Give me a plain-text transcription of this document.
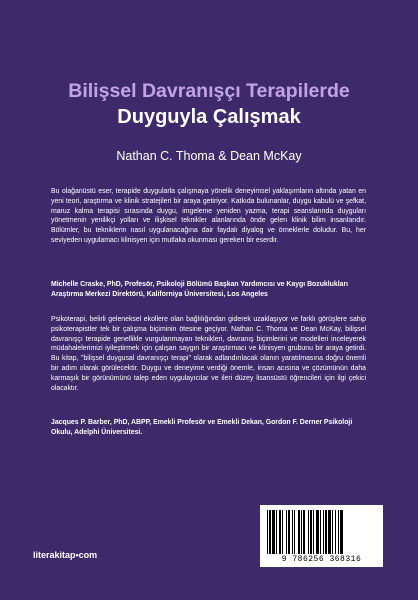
Bilişsel Davranışçı Terapilerde
Duyguyla Çalışmak
Nathan C. Thoma & Dean McKay

Bu olağanüstü eser, terapide duygularla çalışmaya yönelik deneyimsel yaklaşımların altında yatan en yeni teori, araştırma ve klinik stratejileri bir araya getiriyor. Katkıda bulunanlar, duygu kabulü ve şefkat, maruz kalma terapisi sırasında duygu, imgeleme yeniden yazma, terapi seanslarında duyguları yönetmenin yenilikçi yolları ve ilişkisel teknikler alanlarında önde gelen klinik bilim insanlarıdır. Bölümler, bu tekniklerin nasıl uygulanacağına dair faydalı diyalog ve örneklerle doludur. Bu, her seviyeden uygulamacı klinisyen için mutlaka okunması gereken bir eserdir.

Michelle Craske, PhD, Profesör, Psikoloji Bölümü Başkan Yardımcısı ve Kaygı Bozuklukları Araştırma Merkezi Direktörü, Kaliforniya Üniversitesi, Los Angeles

Psikoterapi, belirli geleneksel ekollere olan bağlılığından giderek uzaklaşıyor ve farklı görüşlere sahip psikoterapistler tek bir çalışma biçiminin ötesine geçiyor. Nathan C. Thoma ve Dean McKay, bilişsel davranışçı terapide genellikle vurgulanmayan teknikleri, davranış biçimlerini ve modelleri inceleyerek müdahalelerimizi iyileştirmek için çalışan saygın bir araştırmacı ve klinisyen grubunu bir araya getirdi. Bu kitap, "bilişsel duygusal davranışçı terapi" olarak adlandırılacak olanın yaratılmasına doğru önemli bir adım olarak görülecektir. Duygu ve deneyime verdiği önemle, insan acısına ve çözümünün daha karmaşık bir görünümünü talep eden uygulayıcılar ve ileri düzey lisansüstü öğrencileri için ilgi çekici olacaktır.

Jacques P. Barber, PhD, ABPP, Emekli Profesör ve Emekli Dekan, Gordon F. Derner Psikoloji Okulu, Adelphi Üniversitesi.

literakitap•com	9 786256 368316
